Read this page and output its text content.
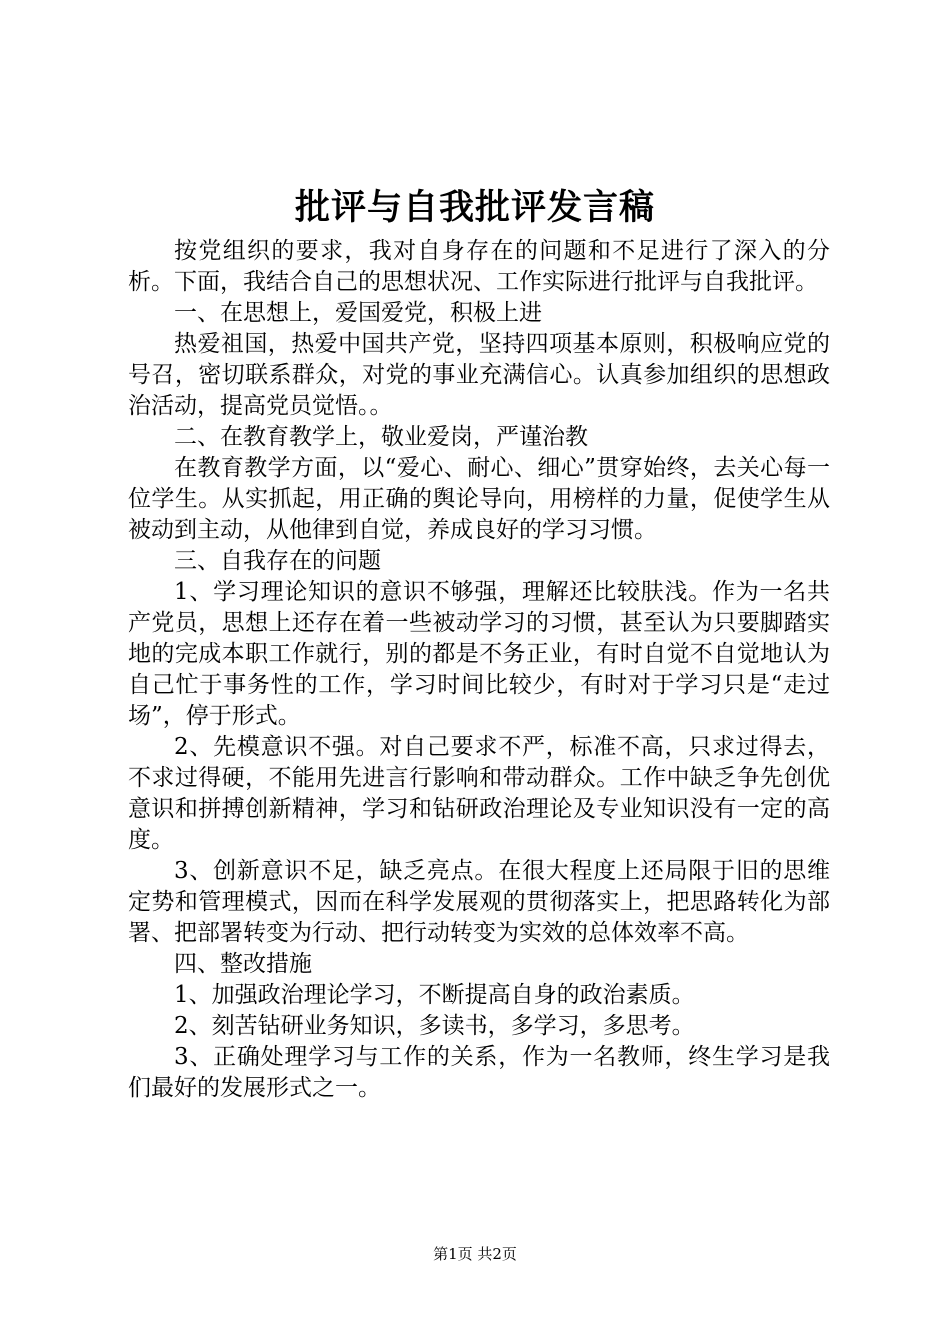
批评与自我批评发言稿

按党组织的要求，我对自身存在的问题和不足进行了深入的分析。下面，我结合自己的思想状况、工作实际进行批评与自我批评。

一、在思想上，爱国爱党，积极上进

热爱祖国，热爱中国共产党，坚持四项基本原则，积极响应党的号召，密切联系群众，对党的事业充满信心。认真参加组织的思想政治活动，提高党员觉悟。。

二、在教育教学上，敬业爱岗，严谨治教

在教育教学方面，以“爱心、耐心、细心”贯穿始终，去关心每一位学生。从实抓起，用正确的舆论导向，用榜样的力量，促使学生从被动到主动，从他律到自觉，养成良好的学习习惯。

三、自我存在的问题

1、学习理论知识的意识不够强，理解还比较肤浅。作为一名共产党员，思想上还存在着一些被动学习的习惯，甚至认为只要脚踏实地的完成本职工作就行，别的都是不务正业，有时自觉不自觉地认为自己忙于事务性的工作，学习时间比较少，有时对于学习只是“走过场”，停于形式。

2、先模意识不强。对自己要求不严，标准不高，只求过得去，不求过得硬，不能用先进言行影响和带动群众。工作中缺乏争先创优意识和拼搏创新精神，学习和钻研政治理论及专业知识没有一定的高度。

3、创新意识不足，缺乏亮点。在很大程度上还局限于旧的思维定势和管理模式，因而在科学发展观的贯彻落实上，把思路转化为部署、把部署转变为行动、把行动转变为实效的总体效率不高。

四、整改措施

1、加强政治理论学习，不断提高自身的政治素质。

2、刻苦钻研业务知识，多读书，多学习，多思考。

3、正确处理学习与工作的关系，作为一名教师，终生学习是我们最好的发展形式之一。

第1页 共2页
